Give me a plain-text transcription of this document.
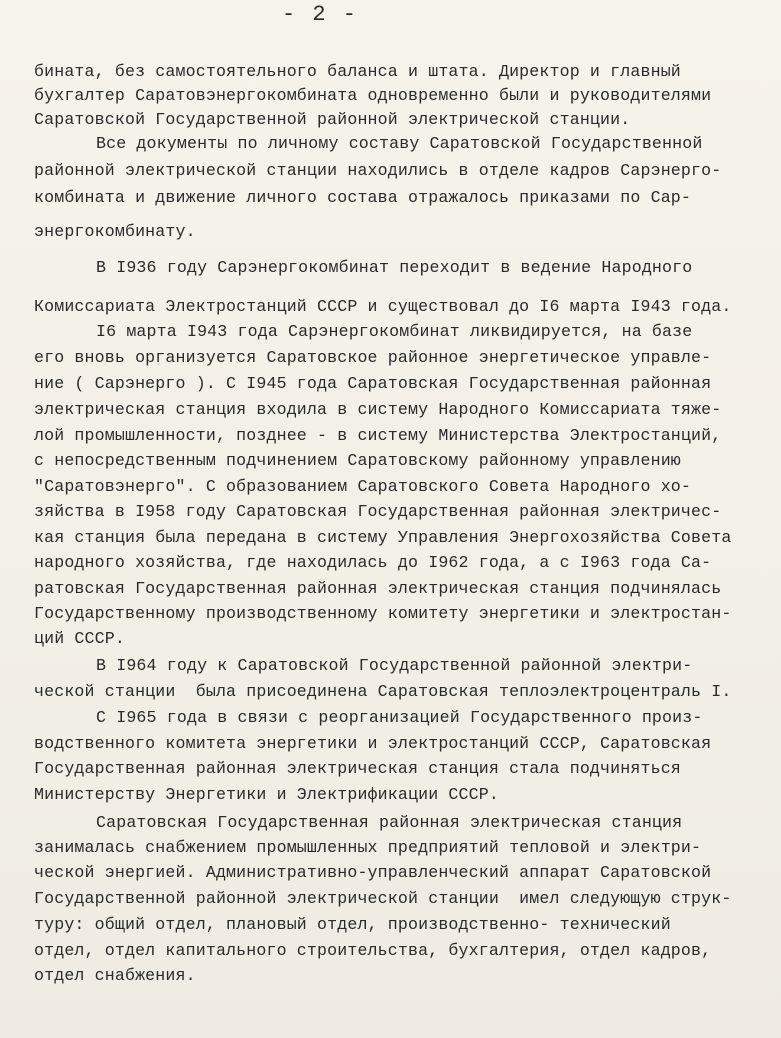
- 2 -
бината, без самостоятельного баланса и штата. Директор и главный
бухгалтер Саратовэнергокомбината одновременно были и руководителями
Саратовской Государственной районной электрической станции.
Все документы по личному составу Саратовской Государственной
районной электрической станции находились в отделе кадров Сарэнерго-
комбината и движение личного состава отражалось приказами по Сар-
энергокомбинату.
В I936 году Сарэнергокомбинат переходит в ведение Народного
Комиссариата Электростанций СССР и существовал до I6 марта I943 года.
I6 марта I943 года Сарэнергокомбинат ликвидируется, на базе
его вновь организуется Саратовское районное энергетическое управле-
ние ( Сарэнерго ). С I945 года Саратовская Государственная районная
электрическая станция входила в систему Народного Комиссариата тяже-
лой промышленности, позднее - в систему Министерства Электростанций,
с непосредственным подчинением Саратовскому районному управлению
"Саратовэнерго". С образованием Саратовского Совета Народного хо-
зяйства в I958 году Саратовская Государственная районная электричес-
кая станция была передана в систему Управления Энергохозяйства Совета
народного хозяйства, где находилась до I962 года, а с I963 года Са-
ратовская Государственная районная электрическая станция подчинялась
Государственному производственному комитету энергетики и электростан-
ций СССР.
В I964 году к Саратовской Государственной районной электри-
ческой станции  была присоединена Саратовская теплоэлектроцентраль I.
С I965 года в связи с реорганизацией Государственного произ-
водственного комитета энергетики и электростанций СССР, Саратовская
Государственная районная электрическая станция стала подчиняться
Министерству Энергетики и Электрификации СССР.
Саратовская Государственная районная электрическая станция
занималась снабжением промышленных предприятий тепловой и электри-
ческой энергией. Административно-управленческий аппарат Саратовской
Государственной районной электрической станции  имел следующую струк-
туру: общий отдел, плановый отдел, производственно- технический
отдел, отдел капитального строительства, бухгалтерия, отдел кадров,
отдел снабжения.
